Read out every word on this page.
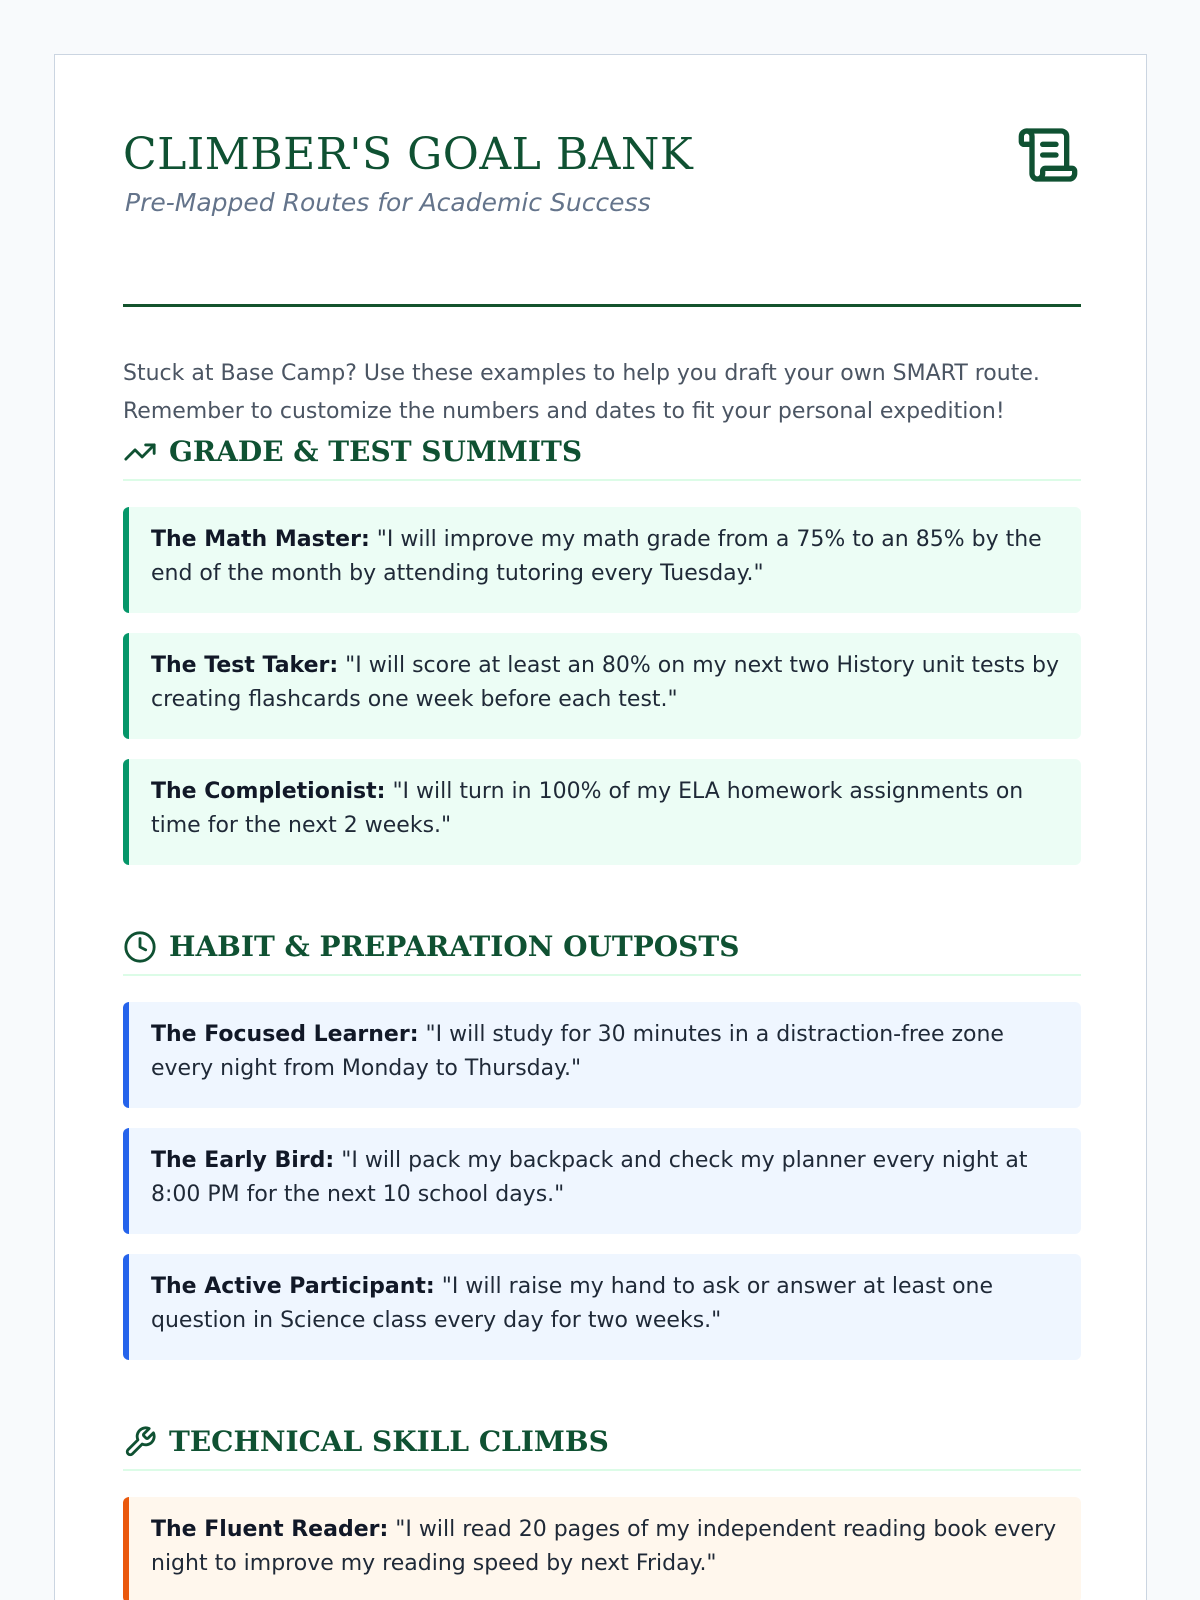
CLIMBER'S GOAL BANK
Pre-Mapped Routes for Academic Success

Stuck at Base Camp? Use these examples to help you draft your own SMART route. Remember to customize the numbers and dates to fit your personal expedition!

GRADE & TEST SUMMITS
The Math Master: "I will improve my math grade from a 75% to an 85% by the end of the month by attending tutoring every Tuesday."
The Test Taker: "I will score at least an 80% on my next two History unit tests by creating flashcards one week before each test."
The Completionist: "I will turn in 100% of my ELA homework assignments on time for the next 2 weeks."
HABIT & PREPARATION OUTPOSTS
The Focused Learner: "I will study for 30 minutes in a distraction-free zone every night from Monday to Thursday."
The Early Bird: "I will pack my backpack and check my planner every night at 8:00 PM for the next 10 school days."
The Active Participant: "I will raise my hand to ask or answer at least one question in Science class every day for two weeks."
TECHNICAL SKILL CLIMBS
The Fluent Reader: "I will read 20 pages of my independent reading book every night to improve my reading speed by next Friday."
